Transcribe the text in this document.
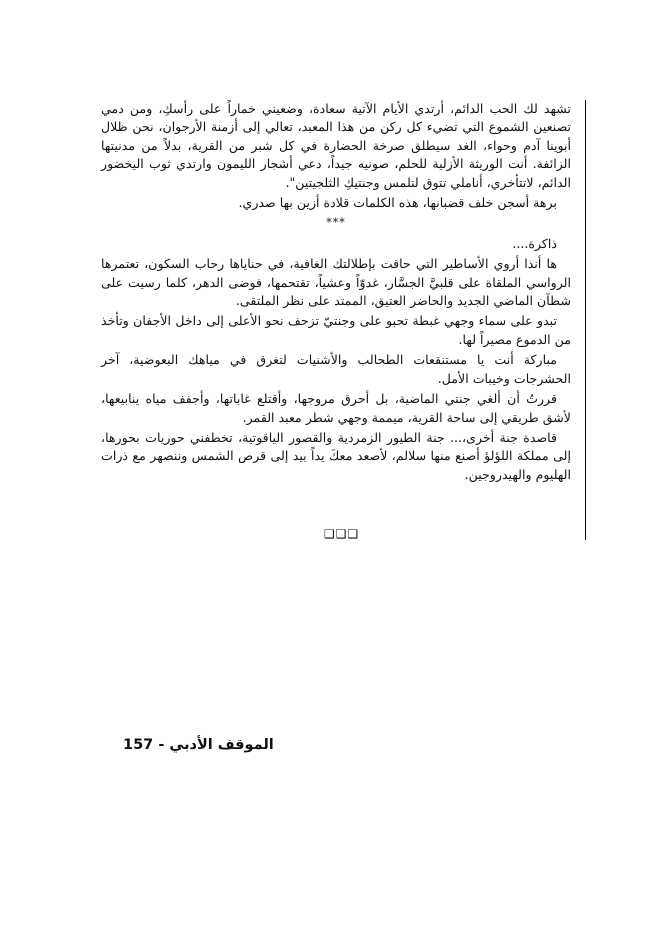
تشهد لك الحب الدائم، أرتدي الأيام الآتية سعادة، وضعيني خماراً على رأسكِ، ومن دمي تصنعين الشموع التي تضيء كل ركن من هذا المعبد، تعالي إلى أزمنة الأرجوان، نحن ظلال أبوينا آدم وحواء، الغد سيطلق صرخة الحضارة في كل شبر من القرية، بدلاً من مدنيتها الزائفة. أنت الوريثة الأزلية للحلم، صونيه جيداً، دعي أشجار الليمون وارتدي ثوب اليخضور الدائم، لاتتأخري، أناملي تتوق لتلمس وجنتيكِ الثلجيتين".

برهة أسجن خلف قضبانها، هذه الكلمات قلادة أزين بها صدري.

***

ذاكرة....

ها أنذا أروي الأساطير التي حاقت بإطلالتك الغافية، في حناياها رحاب السكون، تعتمرها الرواسي الملقاة على قلبيَّ الجسَّار، غدوّاً وعشياً، تقتحمها، فوضى الدهر، كلما رسيت على شطآن الماضي الجديد والحاضر العتيق، الممتد على نظر الملتقى.

تبدو على سماء وجهي غبطة تحبو على وجنتيّ تزحف نحو الأعلى إلى داخل الأجفان وتأخذ من الدموع مصيراً لها.

مباركة أنت يا مستنقعات الطحالب والأشنيات لتغرق في مياهك البعوضية، آخر الحشرجات وخيبات الأمل.

قررتُ أن ألغي جنتي الماضية، بل أحرق مروجها، وأقتلع غاباتها، وأجفف مياه ينابيعها، لأشق طريقي إلى ساحة القرية، ميممة وجهي شطر معبد القمر.

قاصدة جنة أخرى،... جنة الطيور الزمردية والقصور الياقوتية، تخطفني حوريات بحورها، إلى مملكة اللؤلؤ أصنع منها سلالم، لأصعد معكَ يداً بيد إلى قرص الشمس وننصهر مع ذرات الهليوم والهيدروجين.

❑❑❑
الموقف الأدبي - 157
